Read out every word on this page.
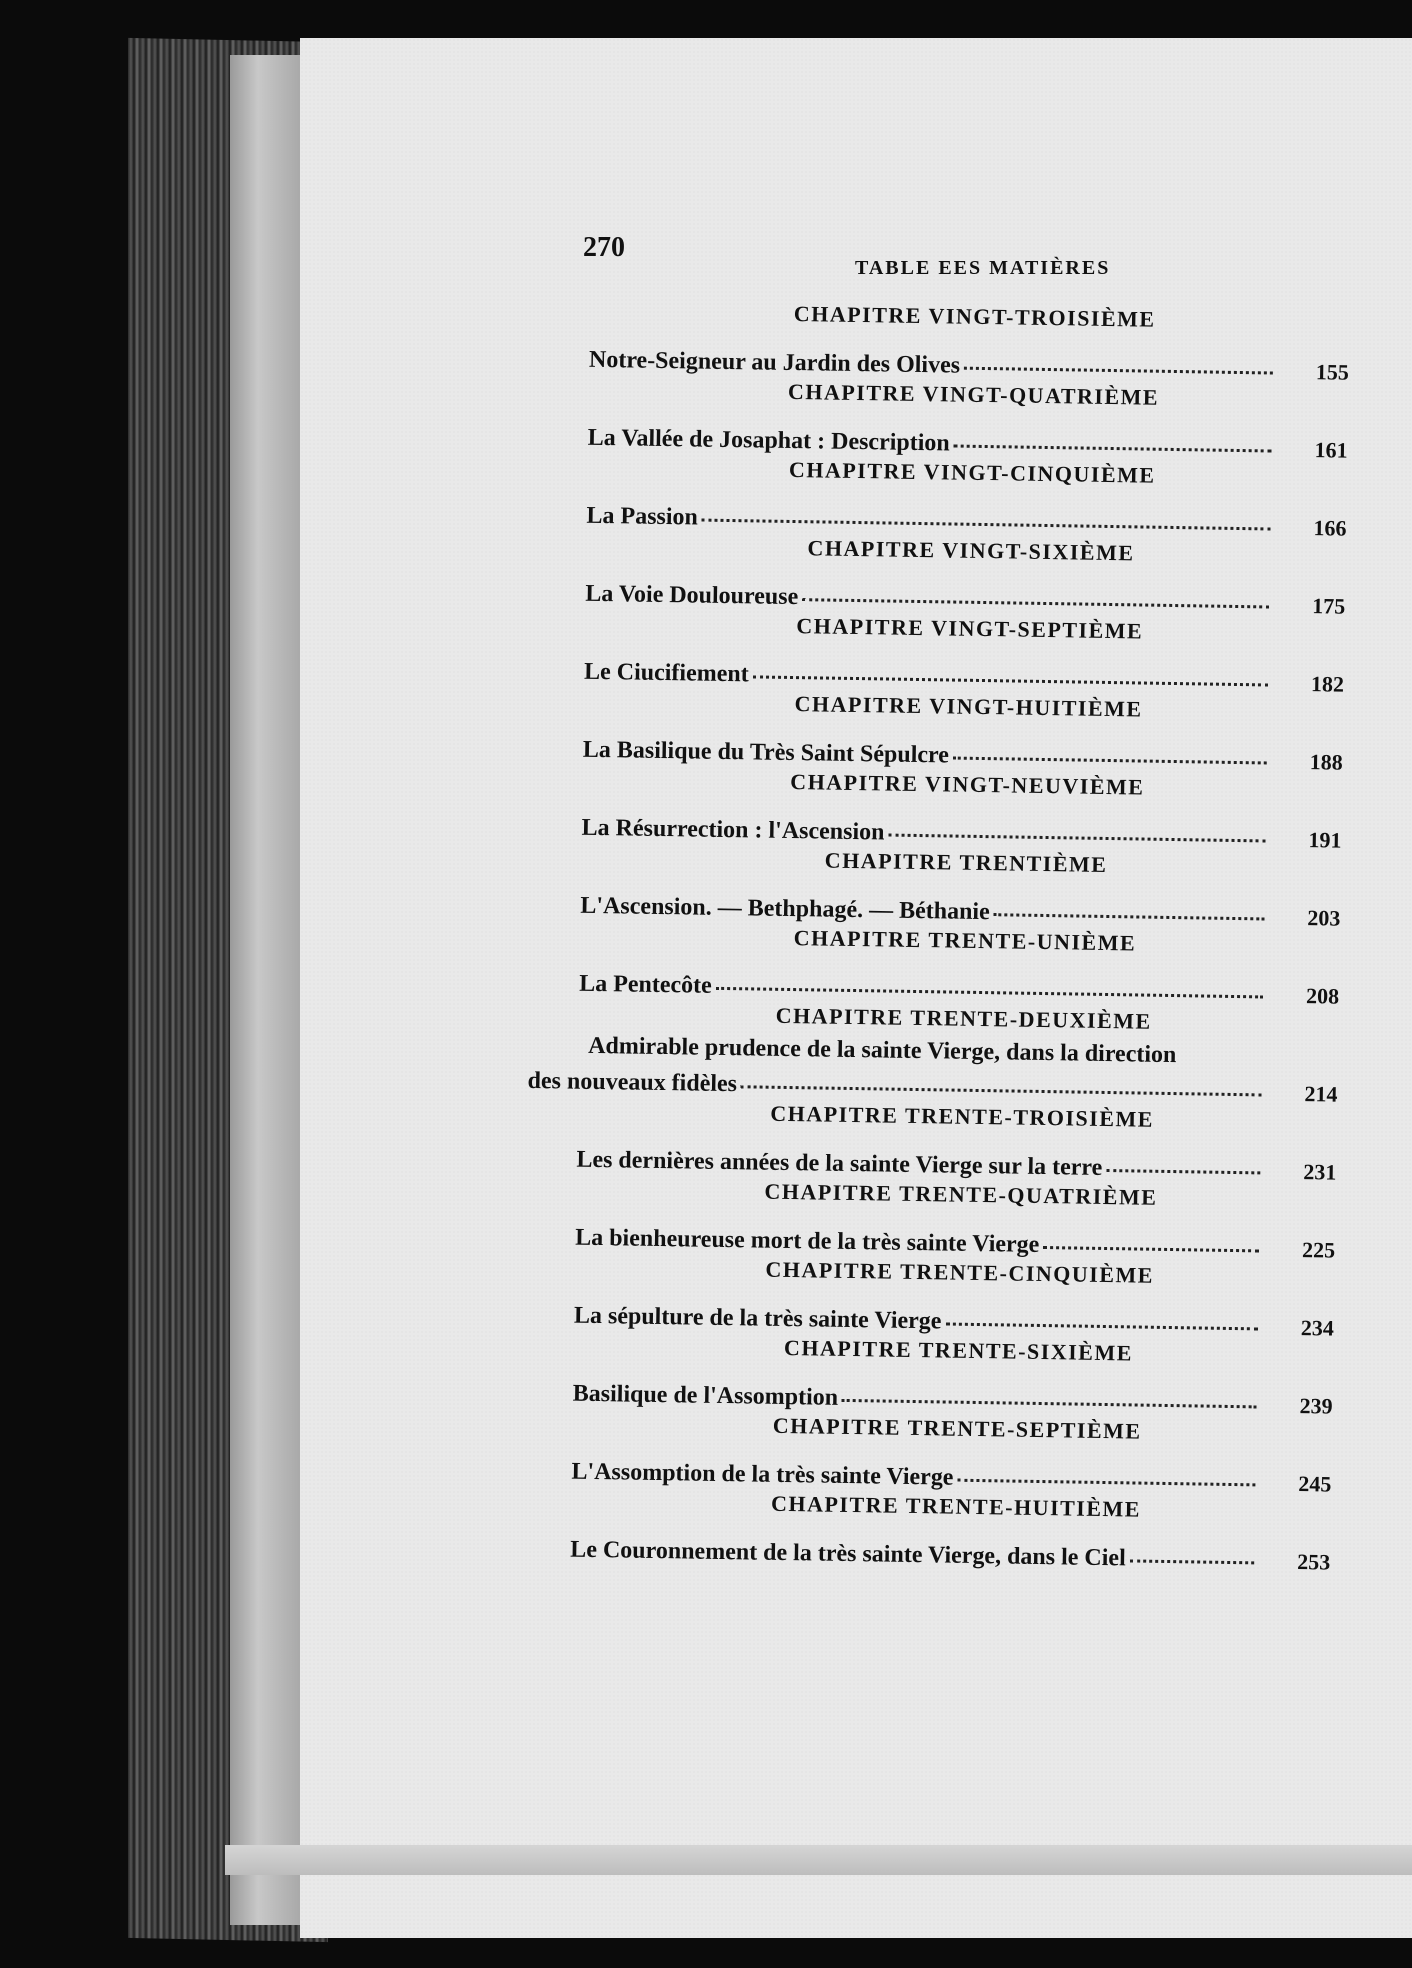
270
TABLE EES MATIÈRES
CHAPITRE VINGT-TROISIÈME
Notre-Seigneur au Jardin des Olives	155
CHAPITRE VINGT-QUATRIÈME
La Vallée de Josaphat : Description	161
CHAPITRE VINGT-CINQUIÈME
La Passion	166
CHAPITRE VINGT-SIXIÈME
La Voie Douloureuse	175
CHAPITRE VINGT-SEPTIÈME
Le Ciucifiement	182
CHAPITRE VINGT-HUITIÈME
La Basilique du Très Saint Sépulcre	188
CHAPITRE VINGT-NEUVIÈME
La Résurrection : l'Ascension	191
CHAPITRE TRENTIÈME
L'Ascension. — Bethphagé. — Béthanie	203
CHAPITRE TRENTE-UNIÈME
La Pentecôte	208
CHAPITRE TRENTE-DEUXIÈME
Admirable prudence de la sainte Vierge, dans la direction
des nouveaux fidèles	214
CHAPITRE TRENTE-TROISIÈME
Les dernières années de la sainte Vierge sur la terre	231
CHAPITRE TRENTE-QUATRIÈME
La bienheureuse mort de la très sainte Vierge	225
CHAPITRE TRENTE-CINQUIÈME
La sépulture de la très sainte Vierge	234
CHAPITRE TRENTE-SIXIÈME
Basilique de l'Assomption	239
CHAPITRE TRENTE-SEPTIÈME
L'Assomption de la très sainte Vierge	245
CHAPITRE TRENTE-HUITIÈME
Le Couronnement de la très sainte Vierge, dans le Ciel	253
